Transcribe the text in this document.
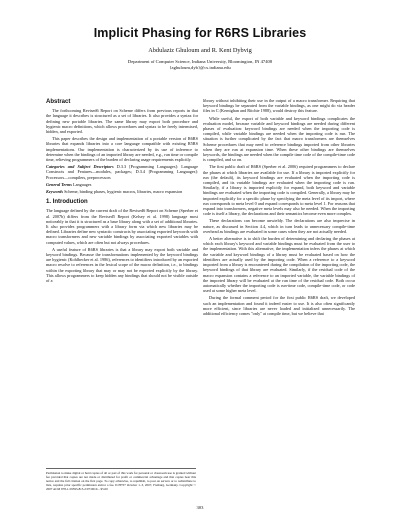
Implicit Phasing for R6RS Libraries
Abdulaziz Ghuloum and R. Kent Dybvig
Department of Computer Science, Indiana University, Bloomington, IN 47408
{aghuloum,dyb}@cs.indiana.edu
Abstract

The forthcoming Revised6 Report on Scheme differs from previous reports in that the language it describes is structured as a set of libraries. It also provides a syntax for defining new portable libraries. The same library may export both procedure and hygienic macro definitions, which allows procedures and syntax to be freely intermixed, hidden, and exported.

This paper describes the design and implementation of a portable version of R6RS libraries that expands libraries into a core language compatible with existing R5RS implementations. Our implementation is characterized by its use of inference to determine when the bindings of an imported library are needed, e.g., run time or compile time, relieving programmers of the burden of declaring usage requirements explicitly.

Categories and Subject Descriptors D.3.3 [Programming Languages]: Language Constructs and Features—modules, packages; D.3.4 [Programming Languages]: Processors—compilers, preprocessors

General Terms Languages

Keywords Scheme, binding phases, hygienic macros, libraries, macro expansion

1. Introduction

The language defined by the current draft of the Revised6 Report on Scheme (Sperber et al. 2007b) differs from the Revised5 Report (Kelsey et al. 1998) language most noticeably in that it is structured as a base library along with a set of additional libraries. It also provides programmers with a library form via which new libraries may be defined. Libraries define new syntactic constructs by associating exported keywords with macro transformers and new variable bindings by associating exported variables with computed values, which are often but not always procedures.

A useful feature of R6RS libraries is that a library may export both variable and keyword bindings. Because the transformations implemented by the keyword bindings are hygienic (Kohlbecker et al. 1986), references to identifiers introduced by an exported macro resolve to references in the lexical scope of the macro definition, i.e., to bindings within the exporting library that may or may not be exported explicitly by the library. This allows programmers to keep hidden any bindings that should not be visible outside of a

library without inhibiting their use in the output of a macro transformer. Requiring that keyword bindings be separated from the variable bindings, as one might do via header files in C (Kernighan and Ritchie 1988), would destroy this feature.

While useful, the export of both variable and keyword bindings complicates the evaluation model, because variable and keyword bindings are needed during different phases of evaluation: keyword bindings are needed when the importing code is compiled, while variable bindings are needed when the importing code is run. The situation is further complicated by the fact that macro transformers are themselves Scheme procedures that may need to reference bindings imported from other libraries when they are run at expansion time. When these other bindings are themselves keywords, the bindings are needed when the compile time code of the compile-time code is compiled, and so on.

The first public draft of R6RS (Sperber et al. 2006) required programmers to declare the phases at which libraries are available for use. If a library is imported explicitly for run (the default), its keyword bindings are evaluated when the importing code is compiled, and its variable bindings are evaluated when the importing code is run. Similarly, if a library is imported explicitly for expand, both keyword and variable bindings are evaluated when the importing code is compiled. Generally, a library may be imported explicitly for a specific phase by specifying the meta level of its import, where run corresponds to meta level 0 and expand corresponds to meta level 1. For reasons that expand into transformers, negative meta levels may also be needed. When the importing code is itself a library, the declarations and their semantics become even more complex.

These declarations can become unwieldy. The declarations are also imprecise in nature, as discussed in Section 4.4, which in turn leads to unnecessary compile-time overhead as bindings are evaluated in some cases when they are not actually needed.

A better alternative is to shift the burden of determining and declaring the phases at which each library's keyword and variable bindings must be evaluated from the user to the implementation. With this alternative, the implementation infers the phases at which the variable and keyword bindings of a library must be evaluated based on how the identifiers are actually used by the importing code. When a reference to a keyword imported from a library is encountered during the compilation of the importing code, the keyword bindings of that library are evaluated. Similarly, if the residual code of the macro expansion contains a reference to an imported variable, the variable bindings of the imported library will be evaluated at the run time of the residual code. Both occur automatically whether the importing code is run-time code, compile-time code, or code used at some higher meta level.

During the formal comment period for the first public R6RS draft, we developed such an implementation and found it indeed easier to use. It is also often significantly more efficient, since libraries are never loaded and initialized unnecessarily. The additional efficiency comes "only" at compile time, but we believe that

Permission to make digital or hard copies of all or part of this work for personal or classroom use is granted without fee provided that copies are not made or distributed for profit or commercial advantage and that copies bear this notice and the full citation on the first page. To copy otherwise, to republish, to post on servers or to redistribute to lists, requires prior specific permission and/or a fee. ICFP'07 October 1–3, 2007, Freiburg, Germany. Copyright © 2007 ACM 978-1-59593-815-2/07/0010... $5.00
303
